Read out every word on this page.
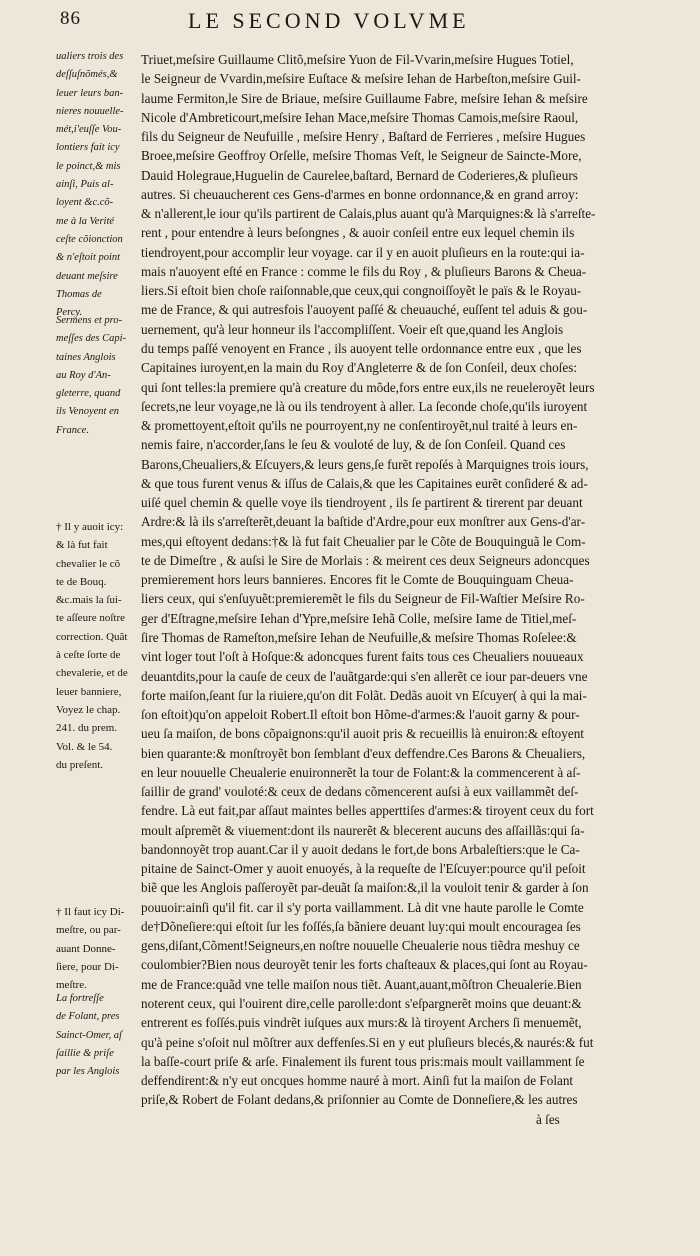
86	LE SECOND VOLVME
ualiers trois des
deſſuſnõmés,&
leuer leurs ban-
nieres nouuelle-
mét,i'euſſe Vou-
lontiers fait icy
le poinct,& mis
ainſi, Puis al-
loyent &c.cõ-
me à la Verité
ceſte cõionction
& n'eſtoit point
deuant meſsire
Thomas de
Percy.
Sermens et pro-
meſſes des Capi-
taines Anglois
au Roy d'An-
gleterre, quand
ils Venoyent en
France.
† Il y auoit icy:
& là fut fait
chevalier le cõ
te de Bouq.
&c.mais la ſui-
te aſſeure noſtre
correction. Quãt
à ceſte ſorte de
chevalerie, et de
leuer banniere,
Voyez le chap.
241. du prem.
Vol. & le 54.
du preſent.
† Il faut icy Di-
meſtre, ou par-
auant Donne-
ſiere, pour Di-
meſtre.
La fortreſſe
de Folant, pres
Sainct-Omer, aſ
ſaillie & priſe
par les Anglois
Triuet,meſsire Guillaume Clitõ,meſsire Yuon de Fil-Vvarin,meſsire Hugues Totiel,
le Seigneur de Vvardin,meſsire Euſtace & meſsire Iehan de Harbeſton,meſsire Guil-
laume Fermiton,le Sire de Briaue, meſsire Guillaume Fabre, meſsire Iehan & meſsire
Nicole d'Ambreticourt,meſsire Iehan Mace,meſsire Thomas Camois,meſsire Raoul,
fils du Seigneur de Neufuille , meſsire Henry , Baſtard de Ferrieres , meſsire Hugues
Broee,meſsire Geoffroy Orſelle, meſsire Thomas Veſt, le Seigneur de Saincte-More,
Dauid Holegraue,Huguelin de Caurelee,baſtard, Bernard de Coderieres,& pluſieurs
autres. Si cheuaucherent ces Gens-d'armes en bonne ordonnance,& en grand arroy:
& n'allerent,le iour qu'ils partirent de Calais,plus auant qu'à Marquignes:& là s'arreſte-
rent , pour entendre à leurs beſongnes , & auoir conſeil entre eux lequel chemin ils
tiendroyent,pour accomplir leur voyage. car il y en auoit pluſieurs en la route:qui ia-
mais n'auoyent eſté en France : comme le fils du Roy , & pluſieurs Barons & Cheua-
liers.Si eſtoit bien choſe raiſonnable,que ceux,qui congnoiſſoyẽt le païs & le Royau-
me de France, & qui autresfois l'auoyent paſſé & cheuauché, euſſent tel aduis & gou-
uernement, qu'à leur honneur ils l'accompliſſent. Voeir eſt que,quand les Anglois
du temps paſſé venoyent en France , ils auoyent telle ordonnance entre eux , que les
Capitaines iuroyent,en la main du Roy d'Angleterre & de ſon Conſeil, deux choſes:
qui ſont telles:la premiere qu'à creature du mõde,fors entre eux,ils ne reueleroyẽt leurs
ſecrets,ne leur voyage,ne là ou ils tendroyent à aller. La ſeconde choſe,qu'ils iuroyent
& promettoyent,eſtoit qu'ils ne pourroyent,ny ne conſentiroyẽt,nul traité à leurs en-
nemis faire, n'accorder,ſans le ſeu & vouloté de luy, & de ſon Conſeil. Quand ces
Barons,Cheualiers,& Eſcuyers,& leurs gens,ſe furẽt repoſés à Marquignes trois iours,
& que tous furent venus & iſſus de Calais,& que les Capitaines eurẽt conſideré & ad-
uiſé quel chemin & quelle voye ils tiendroyent , ils ſe partirent & tirerent par deuant
Ardre:& là ils s'arreſterẽt,deuant la baſtide d'Ardre,pour eux monſtrer aux Gens-d'ar-
mes,qui eſtoyent dedans:†& là fut fait Cheualier par le Cõte de Bouquinguã le Com-
te de Dimeſtre , & auſsi le Sire de Morlais : & meirent ces deux Seigneurs adoncques
premierement hors leurs bannieres. Encores fit le Comte de Bouquinguam Cheua-
liers ceux, qui s'enſuyuẽt:premieremẽt le fils du Seigneur de Fil-Waſtier Meſsire Ro-
ger d'Eſtragne,meſsire Iehan d'Ypre,meſsire Iehã Colle, meſsire Iame de Titiel,meſ-
ſire Thomas de Rameſton,meſsire Iehan de Neufuille,& meſsire Thomas Roſelee:&
vint loger tout l'oſt à Hoſque:& adoncques furent faits tous ces Cheualiers nouueaux
deuantdits,pour la cauſe de ceux de l'auãtgarde:qui s'en allerẽt ce iour par-deuers vne
forte maiſon,ſeant ſur la riuiere,qu'on dit Folãt. Dedãs auoit vn Eſcuyer( à qui la mai-
ſon eſtoit)qu'on appeloit Robert.Il eſtoit bon Hõme-d'armes:& l'auoit garny & pour-
ueu ſa maiſon, de bons cõpaignons:qu'il auoit pris & recueillis là enuiron:& eſtoyent
bien quarante:& monſtroyẽt bon ſemblant d'eux deffendre.Ces Barons & Cheualiers,
en leur nouuelle Cheualerie enuironnerẽt la tour de Folant:& la commencerent à aſ-
ſaillir de grand' vouloté:& ceux de dedans cõmencerent auſsi à eux vaillammẽt deſ-
fendre. Là eut fait,par aſſaut maintes belles apperttiſes d'armes:& tiroyent ceux du fort
moult aſpremẽt & viuement:dont ils naurerẽt & blecerent aucuns des aſſaillãs:qui ſa-
bandonnoyẽt trop auant.Car il y auoit dedans le fort,de bons Arbaleſtiers:que le Ca-
pitaine de Sainct-Omer y auoit enuoyés, à la requeſte de l'Eſcuyer:pource qu'il peſoit
biẽ que les Anglois paſſeroyẽt par-deuãt ſa maiſon:&,il la vouloit tenir & garder à ſon
pouuoir:ainſi qu'il fit. car il s'y porta vaillamment. Là dit vne haute parolle le Comte
de†Dõneſiere:qui eſtoit ſur les foſſés,ſa bãniere deuant luy:qui moult encouragea ſes
gens,diſant,Cõment!Seigneurs,en noſtre nouuelle Cheualerie nous tiẽdra meshuy ce
coulombier?Bien nous deuroyẽt tenir les forts chaſteaux & places,qui ſont au Royau-
me de France:quãd vne telle maiſon nous tiẽt. Auant,auant,mõſtron Cheualerie.Bien
noterent ceux, qui l'ouirent dire,celle parolle:dont s'eſpargnerẽt moins que deuant:&
entrerent es foſſés.puis vindrẽt iuſques aux murs:& là tiroyent Archers ſi menuemẽt,
qu'à peine s'oſoit nul mõſtrer aux deffenſes.Si en y eut pluſieurs blecés,& naurés:& fut
la baſſe-court priſe & arſe. Finalement ils furent tous pris:mais moult vaillamment ſe
deffendirent:& n'y eut oncques homme nauré à mort. Ainſi fut la maiſon de Folant
priſe,& Robert de Folant dedans,& priſonnier au Comte de Donneſiere,& les autres
à ſes
